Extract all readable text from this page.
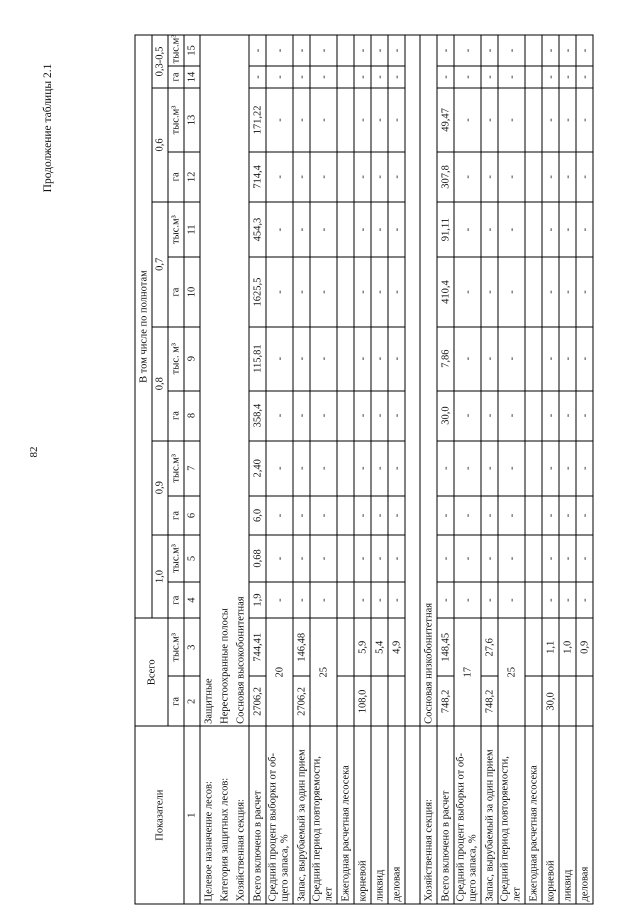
82
Продолжение таблицы 2.1
Показатели	Всего		В том числе по полнотам											
			1,0		0,9		0,8		0,7		0,6		0,3-0,5	
	га	тыс.м³	га	тыс.м³	га	тыс.м³	га	тыс. м³	га	тыс.м³	га	тыс.м³	га	тыс.м³
1	2	3	4	5	6	7	8	9	10	11	12	13	14	15
Целевое назначение лесов:	Защитные													
Категория защитных лесов:	Нерестоохранные полосы													
Хозяйственная секция:	Сосновая высокобонитетная													
Всего включено в расчет	2706,2	744,41	1,9	0,68	6,0	2,40	358,4	115,81	1625,5	454,3	714,4	171,22	-	-
Средний процент выборки от об-
щего запаса, %	20		-	-	-	-	-	-	-	-	-	-	-	-
Запас, вырубаемый за один прием	2706,2	146,48	-	-	-	-	-	-	-	-	-	-	-	-
Средний период повторяемости,
лет	25		-	-	-	-	-	-	-	-	-	-	-	-
Ежегодная расчетная лесосека														
корневой	108,0	5,9	-	-	-	-	-	-	-	-	-	-	-	-
ликвид		5,4	-	-	-	-	-	-	-	-	-	-	-	-
деловая		4,9	-	-	-	-	-	-	-	-	-	-	-	-

Хозяйственная секция:	Сосновая низкобонитетная													
Всего включено в расчет	748,2	148,45	-	-	-	-	30,0	7,86	410,4	91,11	307,8	49,47	-	-
Средний процент выборки от об-
щего запаса, %	17		-	-	-	-	-	-	-	-	-	-	-	-
Запас, вырубаемый за один прием	748,2	27,6	-	-	-	-	-	-	-	-	-	-	-	-
Средний период повторяемости,
лет	25		-	-	-	-	-	-	-	-	-	-	-	-
Ежегодная расчетная лесосека														
корневой	30,0	1,1	-	-	-	-	-	-	-	-	-	-	-	-
ликвид		1,0	-	-	-	-	-	-	-	-	-	-	-	-
деловая		0,9	-	-	-	-	-	-	-	-	-	-	-	-
